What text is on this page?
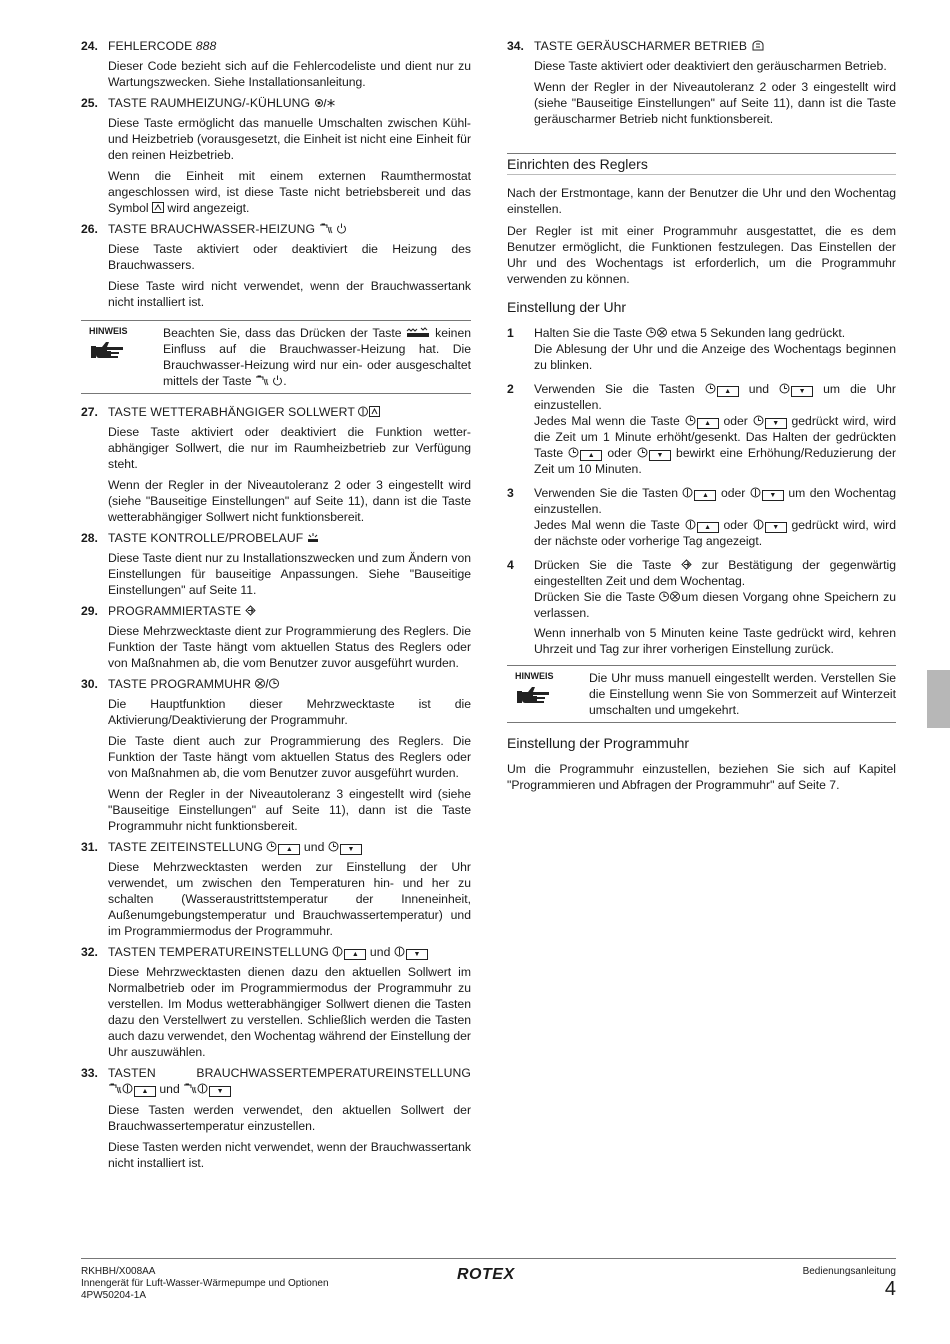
24. FEHLERCODE 888
Dieser Code bezieht sich auf die Fehlercodeliste und dient nur zu Wartungszwecken. Siehe Installationsanleitung.
25. TASTE RAUMHEIZUNG/-KÜHLUNG
Diese Taste ermöglicht das manuelle Umschalten zwischen Kühl- und Heizbetrieb (vorausgesetzt, die Einheit ist nicht eine Einheit für den reinen Heizbetrieb.
Wenn die Einheit mit einem externen Raumthermostat angeschlossen wird, ist diese Taste nicht betriebsbereit und das Symbol wird angezeigt.
26. TASTE BRAUCHWASSER-HEIZUNG
Diese Taste aktiviert oder deaktiviert die Heizung des Brauchwassers.
Diese Taste wird nicht verwendet, wenn der Brauchwassertank nicht installiert ist.
HINWEIS	Beachten Sie, dass das Drücken der Taste	keinen Einfluss auf die Brauchwasser-Heizung hat. Die Brauchwasser-Heizung wird nur ein- oder ausgeschaltet mittels der Taste	.
27. TASTE WETTERABHÄNGIGER SOLLWERT
Diese Taste aktiviert oder deaktiviert die Funktion wetter-abhängiger Sollwert, die nur im Raumheizbetrieb zur Verfügung steht.
Wenn der Regler in der Niveautoleranz 2 oder 3 eingestellt wird (siehe "Bauseitige Einstellungen" auf Seite 11), dann ist die Taste wetterabhängiger Sollwert nicht funktionsbereit.
28. TASTE KONTROLLE/PROBELAUF
Diese Taste dient nur zu Installationszwecken und zum Ändern von Einstellungen für bauseitige Anpassungen. Siehe "Bauseitige Einstellungen" auf Seite 11.
29. PROGRAMMIERTASTE
Diese Mehrzwecktaste dient zur Programmierung des Reglers. Die Funktion der Taste hängt vom aktuellen Status des Reglers oder von Maßnahmen ab, die vom Benutzer zuvor ausgeführt wurden.
30. TASTE PROGRAMMUHR
Die Hauptfunktion dieser Mehrzwecktaste ist die Aktivierung/Deaktivierung der Programmuhr.
Die Taste dient auch zur Programmierung des Reglers. Die Funktion der Taste hängt vom aktuellen Status des Reglers oder von Maßnahmen ab, die vom Benutzer zuvor ausgeführt wurden.
Wenn der Regler in der Niveautoleranz 3 eingestellt wird (siehe "Bauseitige Einstellungen" auf Seite 11), dann ist die Taste Programmuhr nicht funktionsbereit.
31. TASTE ZEITEINSTELLUNG	▲ und	▼
Diese Mehrzwecktasten werden zur Einstellung der Uhr verwendet, um zwischen den Temperaturen hin- und her zu schalten (Wasseraustrittstemperatur der Inneneinheit, Außenumgebungstemperatur und Brauchwassertemperatur) und im Programmiermodus der Programmuhr.
32. TASTEN TEMPERATUREINSTELLUNG	▲ und	▼
Diese Mehrzwecktasten dienen dazu den aktuellen Sollwert im Normalbetrieb oder im Programmiermodus der Programmuhr zu verstellen. Im Modus wetterabhängiger Sollwert dienen die Tasten dazu den Verstellwert zu verstellen. Schließlich werden die Tasten auch dazu verwendet, den Wochentag während der Einstellung der Uhr auszuwählen.
33. TASTEN BRAUCHWASSERTEMPERATUREINSTELLUNG
▲ und	▼
Diese Tasten werden verwendet, den aktuellen Sollwert der Brauchwassertemperatur einzustellen.
Diese Tasten werden nicht verwendet, wenn der Brauchwassertank nicht installiert ist.
34. TASTE GERÄUSCHARMER BETRIEB
Diese Taste aktiviert oder deaktiviert den geräuscharmen Betrieb.
Wenn der Regler in der Niveautoleranz 2 oder 3 eingestellt wird (siehe "Bauseitige Einstellungen" auf Seite 11), dann ist die Taste geräuscharmer Betrieb nicht funktionsbereit.
Einrichten des Reglers
Nach der Erstmontage, kann der Benutzer die Uhr und den Wochentag einstellen.
Der Regler ist mit einer Programmuhr ausgestattet, die es dem Benutzer ermöglicht, die Funktionen festzulegen. Das Einstellen der Uhr und des Wochentags ist erforderlich, um die Programmuhr verwenden zu können.
Einstellung der Uhr
1	Halten Sie die Taste etwa 5 Sekunden lang gedrückt.
Die Ablesung der Uhr und die Anzeige des Wochentags beginnen zu blinken.
2	Verwenden Sie die Tasten	▲ und	▼ um die Uhr einzustellen.
Jedes Mal wenn die Taste	▲ oder	▼ gedrückt wird, wird die Zeit um 1 Minute erhöht/gesenkt. Das Halten der gedrückten Taste	▲ oder	▼ bewirkt eine Erhöhung/Reduzierung der Zeit um 10 Minuten.
3	Verwenden Sie die Tasten	▲ oder	▼ um den Wochentag einzustellen.
Jedes Mal wenn die Taste	▲ oder	▼ gedrückt wird, wird der nächste oder vorherige Tag angezeigt.
4	Drücken Sie die Taste zur Bestätigung der gegenwärtig eingestellten Zeit und dem Wochentag.
Drücken Sie die Taste um diesen Vorgang ohne Speichern zu verlassen.
Wenn innerhalb von 5 Minuten keine Taste gedrückt wird, kehren Uhrzeit und Tag zur ihrer vorherigen Einstellung zurück.
HINWEIS	Die Uhr muss manuell eingestellt werden. Verstellen Sie die Einstellung wenn Sie von Sommerzeit auf Winterzeit umschalten und umgekehrt.
Einstellung der Programmuhr
Um die Programmuhr einzustellen, beziehen Sie sich auf Kapitel "Programmieren und Abfragen der Programmuhr" auf Seite 7.
RKHBH/X008AA
Innengerät für Luft-Wasser-Wärmepumpe und Optionen
4PW50204-1A
ROTEX	Bedienungsanleitung
4
